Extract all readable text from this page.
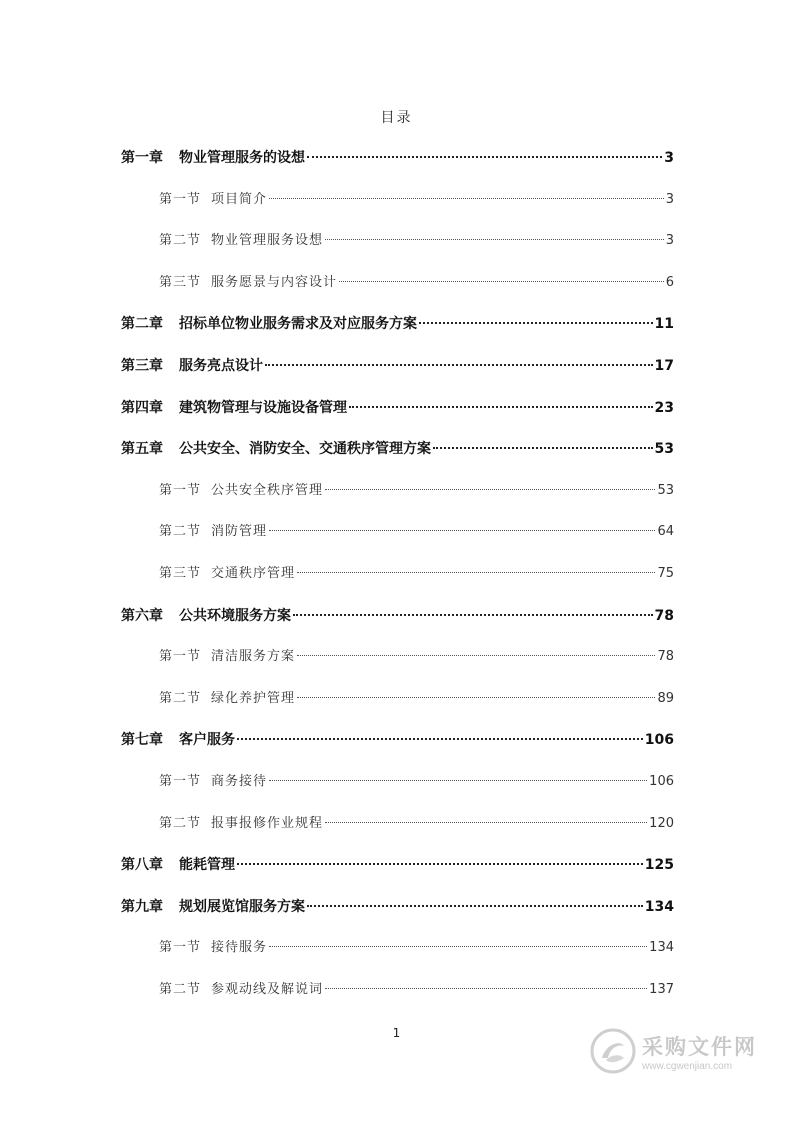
目录
第一章 物业管理服务的设想	3
第一节 项目简介	3
第二节 物业管理服务设想	3
第三节 服务愿景与内容设计	6
第二章 招标单位物业服务需求及对应服务方案	11
第三章 服务亮点设计	17
第四章 建筑物管理与设施设备管理	23
第五章 公共安全、消防安全、交通秩序管理方案	53
第一节 公共安全秩序管理	53
第二节 消防管理	64
第三节 交通秩序管理	75
第六章 公共环境服务方案	78
第一节 清洁服务方案	78
第二节 绿化养护管理	89
第七章 客户服务	106
第一节 商务接待	106
第二节 报事报修作业规程	120
第八章 能耗管理	125
第九章 规划展览馆服务方案	134
第一节 接待服务	134
第二节 参观动线及解说词	137
1
采购文件网
www.cgwenjian.com
